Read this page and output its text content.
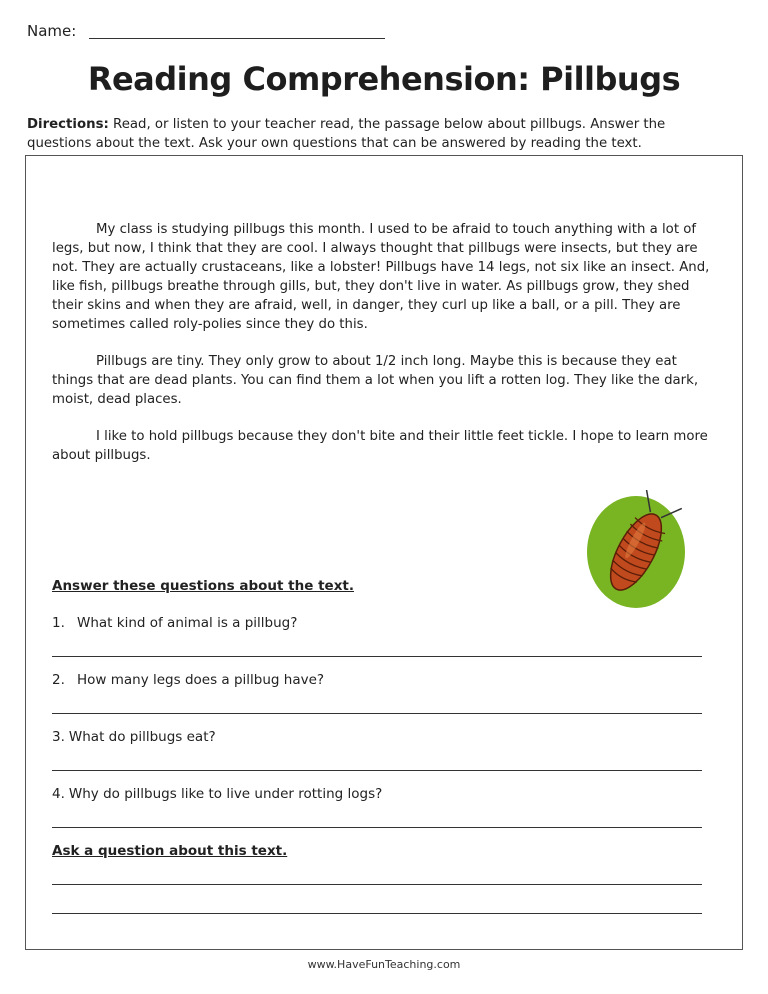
Name:
Reading Comprehension: Pillbugs
Directions: Read, or listen to your teacher read, the passage below about pillbugs. Answer the questions about the text. Ask your own questions that can be answered by reading the text.

My class is studying pillbugs this month. I used to be afraid to touch anything with a lot of legs, but now, I think that they are cool. I always thought that pillbugs were insects, but they are not. They are actually crustaceans, like a lobster! Pillbugs have 14 legs, not six like an insect. And, like fish, pillbugs breathe through gills, but, they don't live in water. As pillbugs grow, they shed their skins and when they are afraid, well, in danger, they curl up like a ball, or a pill. They are sometimes called roly-polies since they do this.

Pillbugs are tiny. They only grow to about 1/2 inch long. Maybe this is because they eat things that are dead plants. You can find them a lot when you lift a rotten log. They like the dark, moist, dead places.

I like to hold pillbugs because they don't bite and their little feet tickle. I hope to learn more about pillbugs.

Answer these questions about the text.
1. What kind of animal is a pillbug?
2. How many legs does a pillbug have?
3. What do pillbugs eat?
4. Why do pillbugs like to live under rotting logs?
Ask a question about this text.
www.HaveFunTeaching.com
